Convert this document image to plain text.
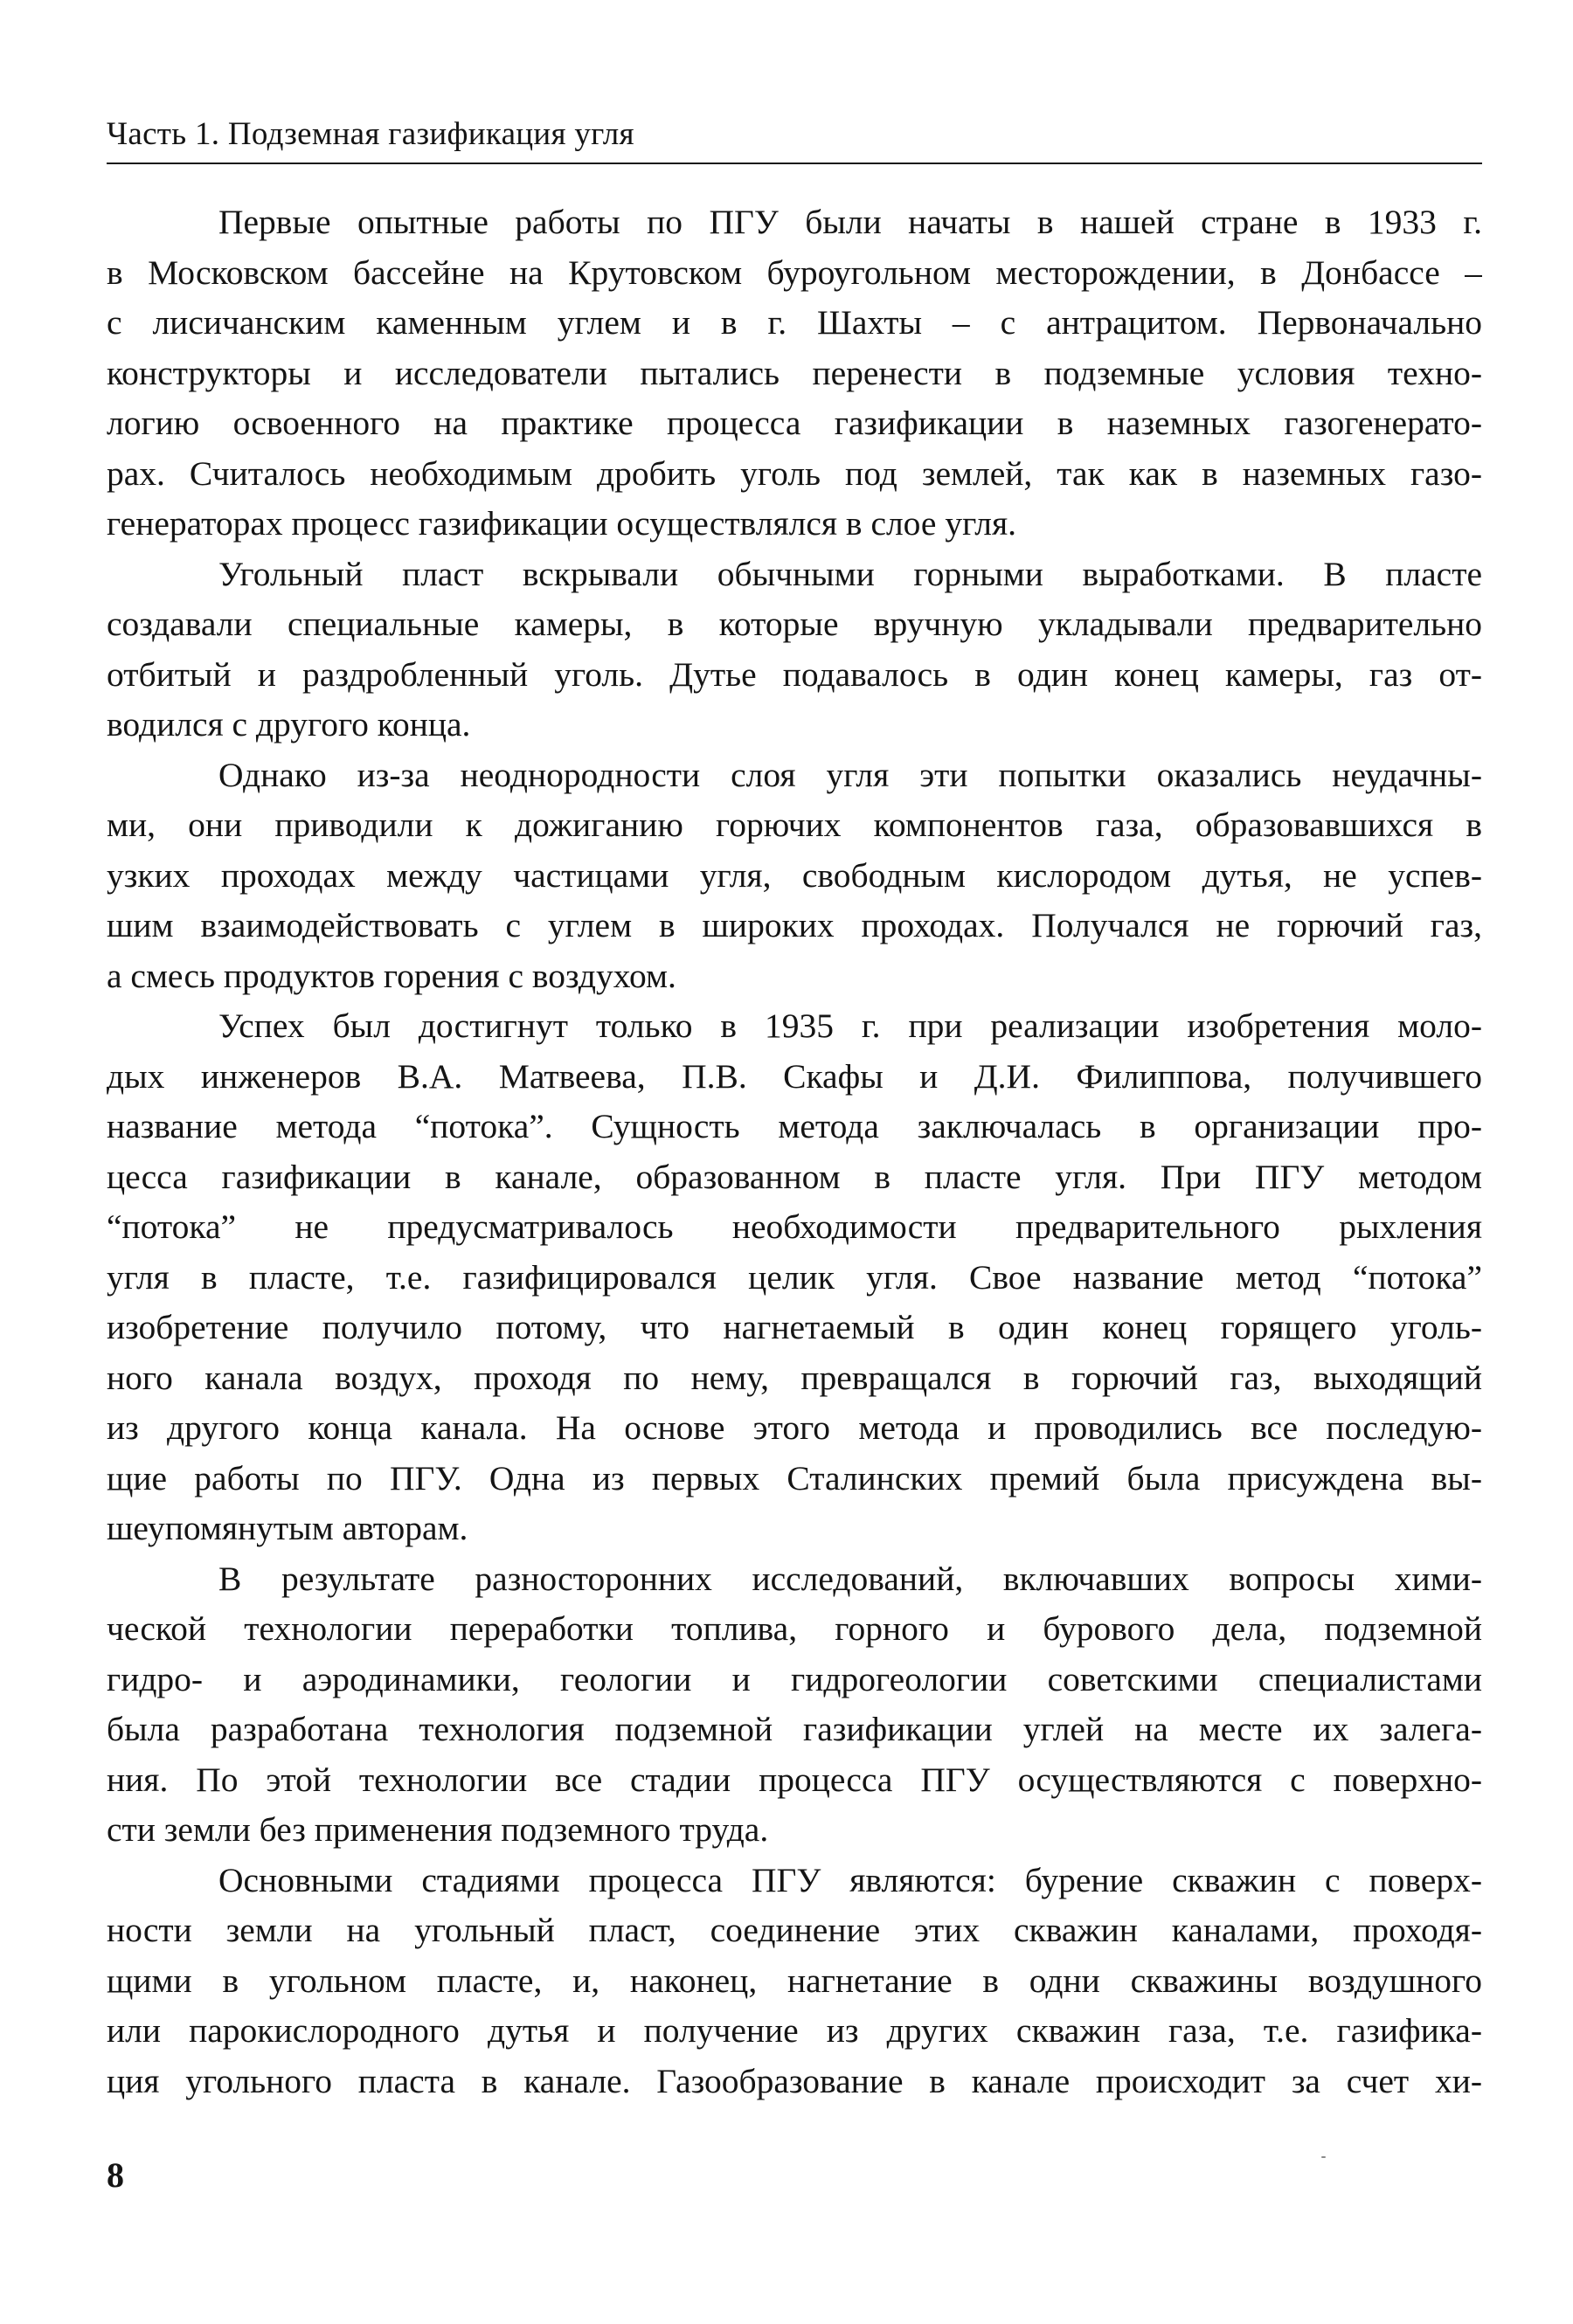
Часть 1. Подземная газификация угля
Первые опытные работы по ПГУ были начаты в нашей стране в 1933 г.
в Московском бассейне на Крутовском буроугольном месторождении, в Донбассе –
с лисичанским каменным углем и в г. Шахты – с антрацитом. Первоначально
конструкторы и исследователи пытались перенести в подземные условия техно-
логию освоенного на практике процесса газификации в наземных газогенерато-
рах. Считалось необходимым дробить уголь под землей, так как в наземных газо-
генераторах процесс газификации осуществлялся в слое угля.
Угольный пласт вскрывали обычными горными выработками. В пласте
создавали специальные камеры, в которые вручную укладывали предварительно
отбитый и раздробленный уголь. Дутье подавалось в один конец камеры, газ от-
водился с другого конца.
Однако из-за неоднородности слоя угля эти попытки оказались неудачны-
ми, они приводили к дожиганию горючих компонентов газа, образовавшихся в
узких проходах между частицами угля, свободным кислородом дутья, не успев-
шим взаимодействовать с углем в широких проходах. Получался не горючий газ,
а смесь продуктов горения с воздухом.
Успех был достигнут только в 1935 г. при реализации изобретения моло-
дых инженеров В.А. Матвеева, П.В. Скафы и Д.И. Филиппова, получившего
название метода “потока”. Сущность метода заключалась в организации про-
цесса газификации в канале, образованном в пласте угля. При ПГУ методом
“потока” не предусматривалось необходимости предварительного рыхления
угля в пласте, т.е. газифицировался целик угля. Свое название метод “потока”
изобретение получило потому, что нагнетаемый в один конец горящего уголь-
ного канала воздух, проходя по нему, превращался в горючий газ, выходящий
из другого конца канала. На основе этого метода и проводились все последую-
щие работы по ПГУ. Одна из первых Сталинских премий была присуждена вы-
шеупомянутым авторам.
В результате разносторонних исследований, включавших вопросы хими-
ческой технологии переработки топлива, горного и бурового дела, подземной
гидро- и аэродинамики, геологии и гидрогеологии советскими специалистами
была разработана технология подземной газификации углей на месте их залега-
ния. По этой технологии все стадии процесса ПГУ осуществляются с поверхно-
сти земли без применения подземного труда.
Основными стадиями процесса ПГУ являются: бурение скважин с поверх-
ности земли на угольный пласт, соединение этих скважин каналами, проходя-
щими в угольном пласте, и, наконец, нагнетание в одни скважины воздушного
или парокислородного дутья и получение из других скважин газа, т.е. газифика-
ция угольного пласта в канале. Газообразование в канале происходит за счет хи-
8
